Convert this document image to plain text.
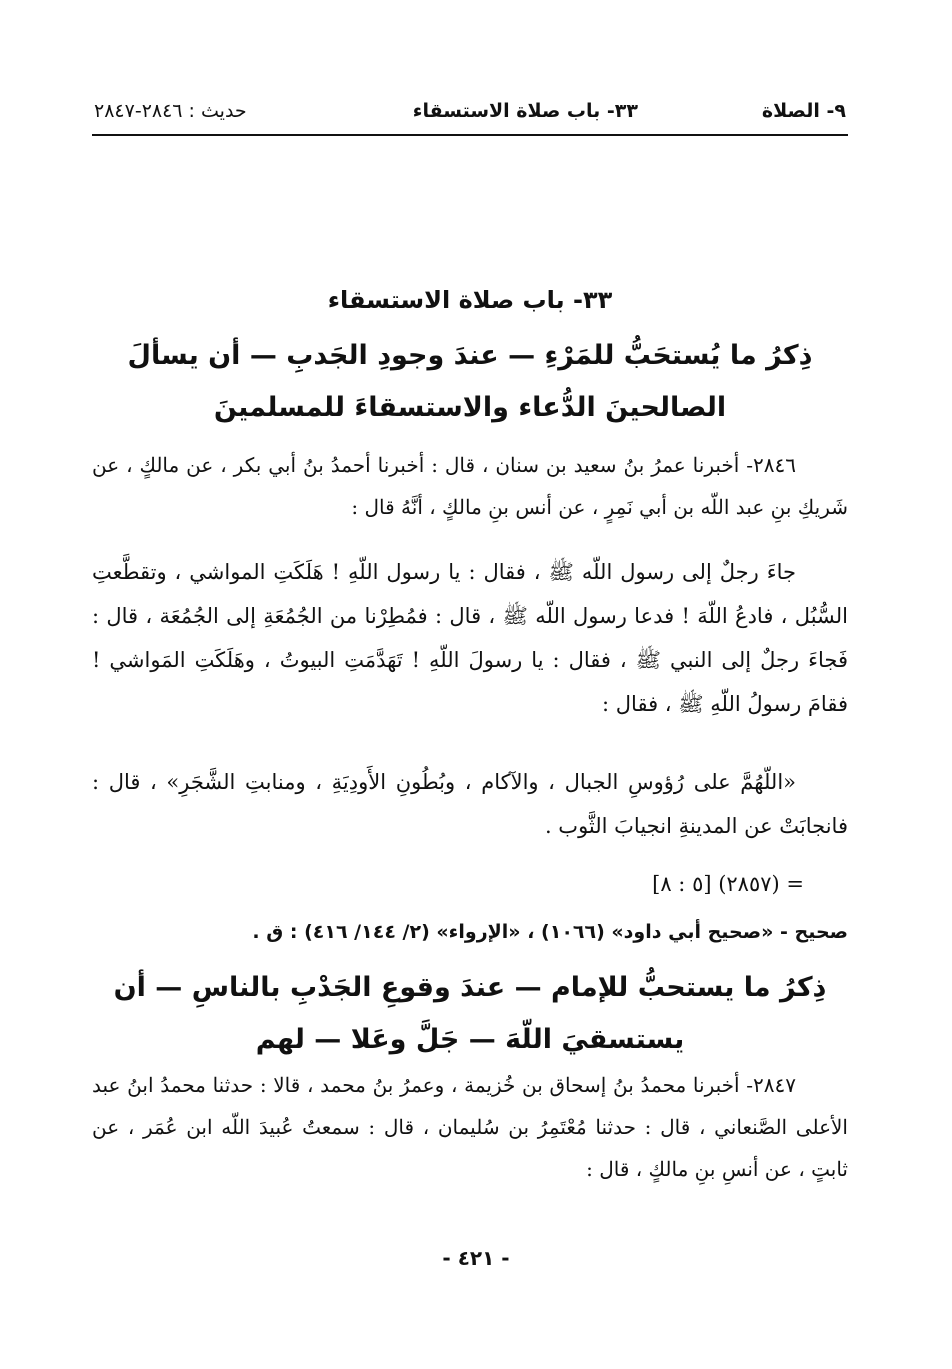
٩- الصلاة
٣٣- باب صلاة الاستسقاء
حديث : ٢٨٤٦-٢٨٤٧
٣٣- باب صلاة الاستسقاء
ذِكرُ ما يُستحَبُّ للمَرْءِ — عندَ وجودِ الجَدبِ — أن يسألَ
الصالحينَ الدُّعاء والاستسقاءَ للمسلمينَ
٢٨٤٦- أخبرنا عمرُ بنُ سعيد بن سنان ، قال : أخبرنا أحمدُ بنُ أبي بكر ، عن مالكٍ ، عن شَريكِ بنِ عبد اللّه بن أبي نَمِرٍ ، عن أنس بنِ مالكٍ ، أنَّهُ قال :
جاءَ رجلٌ إلى رسول اللّه ﷺ ، فقال : يا رسول اللّهِ ! هَلَكَتِ المواشي ، وتقطَّعتِ السُّبُل ، فادعُ اللّهَ ! فدعا رسول اللّه ﷺ ، قال : فمُطِرْنا من الجُمُعَةِ إلى الجُمُعَة ، قال : فَجاءَ رجلٌ إلى النبي ﷺ ، فقال : يا رسولَ اللّهِ ! تَهَدَّمَتِ البيوتُ ، وهَلَكَتِ المَواشي ! فقامَ رسولُ اللّهِ ﷺ ، فقال :
«اللّهُمَّ على رُؤوسِ الجبال ، والآكام ، وبُطُونِ الأَودِيَةِ ، ومنابتِ الشَّجَرِ» ، قال : فانجابَتْ عن المدينةِ انجيابَ الثَّوب .
= (٢٨٥٧) [٥ : ٨]
صحيح - «صحيح أبي داود» (١٠٦٦) ، «الإرواء» (٢/ ١٤٤/ ٤١٦) : ق .
ذِكرُ ما يستحبُّ للإمام — عندَ وقوعِ الجَدْبِ بالناسِ — أن
يستسقيَ اللّهَ — جَلَّ وعَلا — لهم
٢٨٤٧- أخبرنا محمدُ بنُ إسحاق بن خُزيمة ، وعمرُ بنُ محمد ، قالا : حدثنا محمدُ ابنُ عبد الأعلى الصَّنعاني ، قال : حدثنا مُعْتَمِرُ بن سُليمان ، قال : سمعتُ عُبيدَ اللّه ابن عُمَر ، عن ثابتٍ ، عن أنسِ بنِ مالكٍ ، قال :
- ٤٢١ -
